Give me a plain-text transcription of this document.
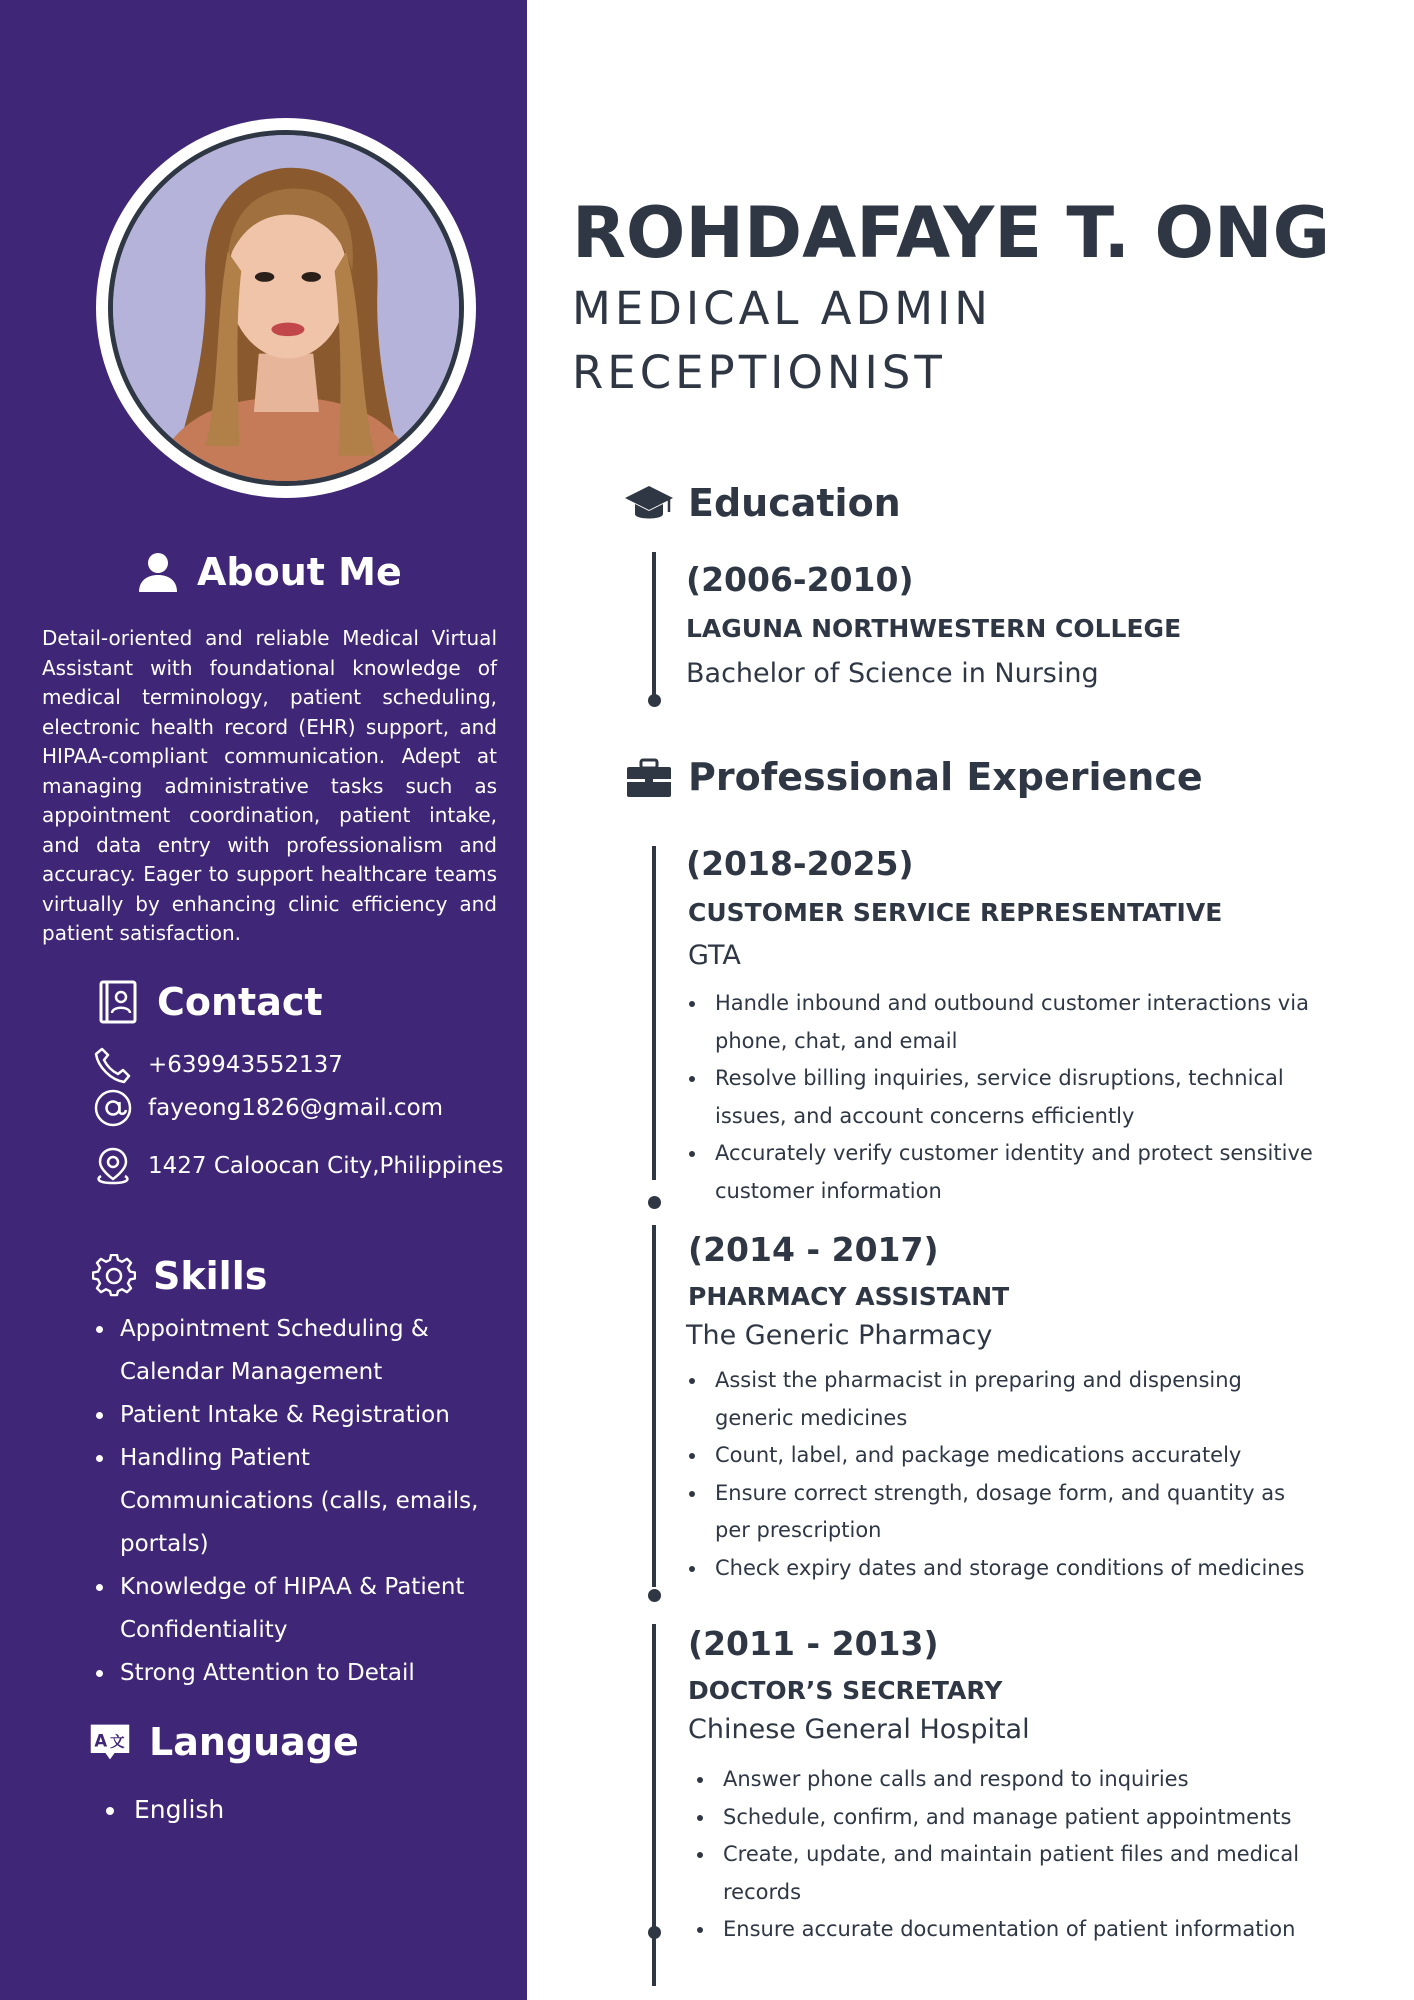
About Me

Detail-oriented and reliable Medical Virtual Assistant with foundational knowledge of medical terminology, patient scheduling, electronic health record (EHR) support, and HIPAA-compliant communication. Adept at managing administrative tasks such as appointment coordination, patient intake, and data entry with professionalism and accuracy. Eager to support healthcare teams virtually by enhancing clinic efficiency and patient satisfaction.

Contact
+639943552137
fayeong1826@gmail.com
1427 Caloocan City,Philippines
Skills
Appointment Scheduling & Calendar Management
Patient Intake & Registration
Handling Patient Communications (calls, emails, portals)
Knowledge of HIPAA & Patient Confidentiality
Strong Attention to Detail
A 文 Language
English
ROHDAFAYE T. ONG
MEDICAL ADMIN
RECEPTIONIST
Education
(2006-2010)
LAGUNA NORTHWESTERN COLLEGE
Bachelor of Science in Nursing
Professional Experience
(2018-2025)
CUSTOMER SERVICE REPRESENTATIVE
GTA
Handle inbound and outbound customer interactions via phone, chat, and email
Resolve billing inquiries, service disruptions, technical issues, and account concerns efficiently
Accurately verify customer identity and protect sensitive customer information
(2014 - 2017)
PHARMACY ASSISTANT
The Generic Pharmacy
Assist the pharmacist in preparing and dispensing generic medicines
Count, label, and package medications accurately
Ensure correct strength, dosage form, and quantity as per prescription
Check expiry dates and storage conditions of medicines
(2011 - 2013)
DOCTOR’S SECRETARY
Chinese General Hospital
Answer phone calls and respond to inquiries
Schedule, confirm, and manage patient appointments
Create, update, and maintain patient files and medical records
Ensure accurate documentation of patient information
